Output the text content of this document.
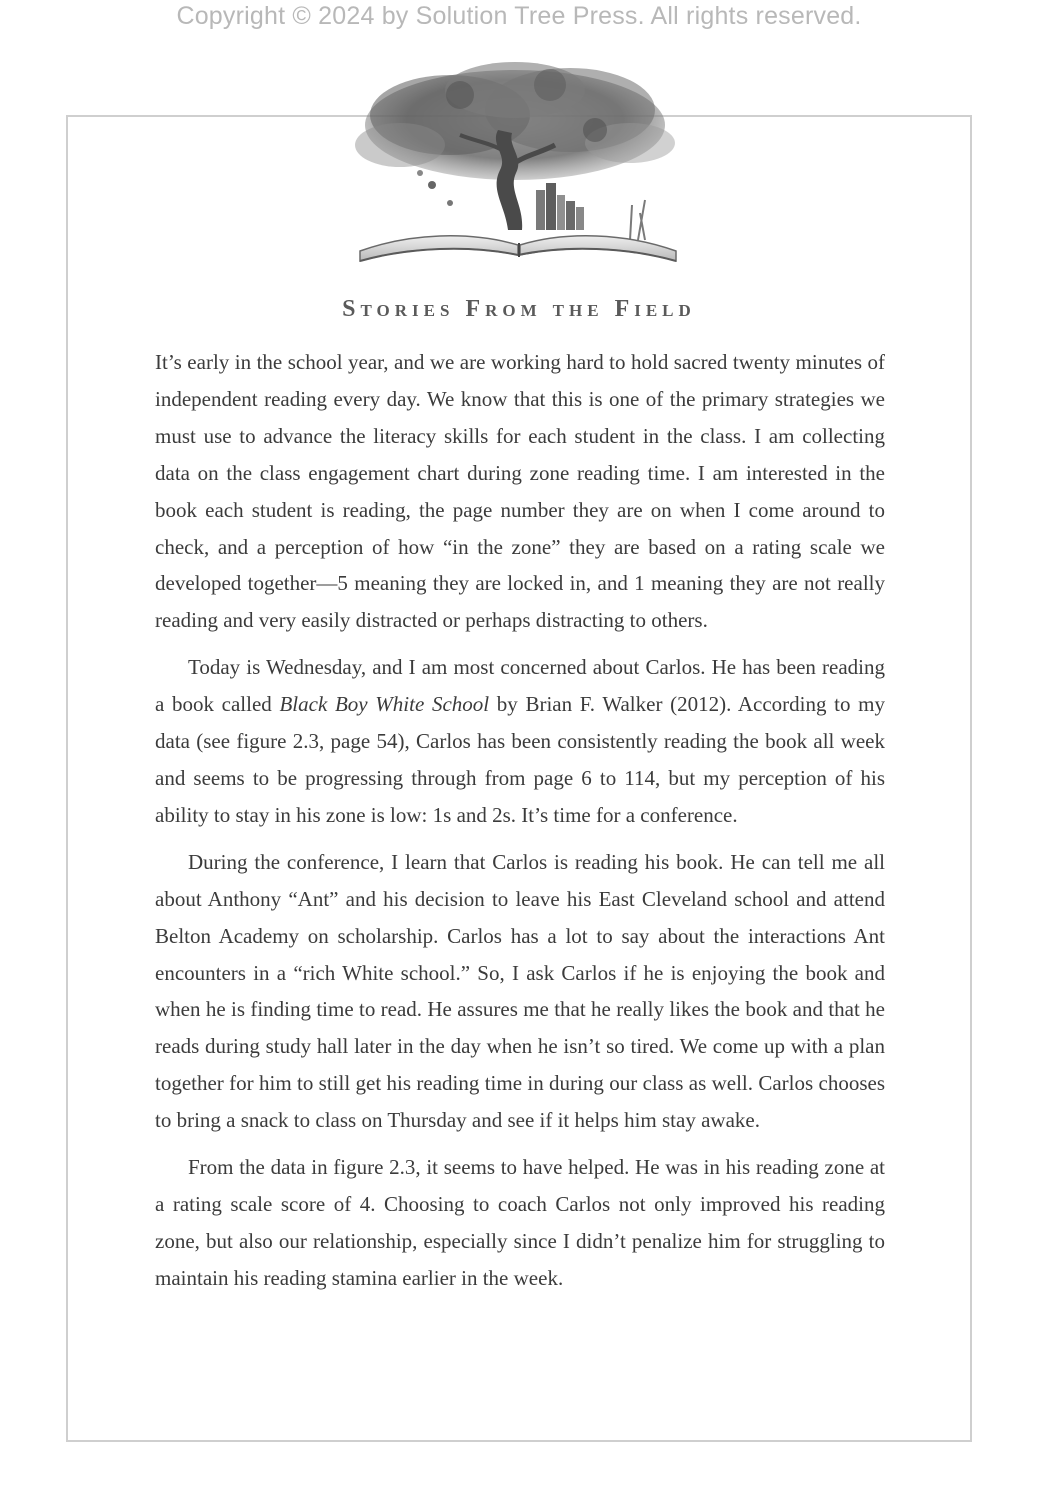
Copyright © 2024 by Solution Tree Press. All rights reserved.
Stories From the Field

It’s early in the school year, and we are working hard to hold sacred twenty minutes of independent reading every day. We know that this is one of the primary strategies we must use to advance the literacy skills for each student in the class. I am collecting data on the class engagement chart during zone reading time. I am interested in the book each student is reading, the page number they are on when I come around to check, and a perception of how “in the zone” they are based on a rating scale we developed together—5 meaning they are locked in, and 1 meaning they are not really reading and very easily distracted or perhaps distracting to others.

Today is Wednesday, and I am most concerned about Carlos. He has been reading a book called Black Boy White School by Brian F. Walker (2012). According to my data (see figure 2.3, page 54), Carlos has been consistently reading the book all week and seems to be progressing through from page 6 to 114, but my perception of his ability to stay in his zone is low: 1s and 2s. It’s time for a conference.

During the conference, I learn that Carlos is reading his book. He can tell me all about Anthony “Ant” and his decision to leave his East Cleveland school and attend Belton Academy on scholarship. Carlos has a lot to say about the interactions Ant encounters in a “rich White school.” So, I ask Carlos if he is enjoying the book and when he is finding time to read. He assures me that he really likes the book and that he reads during study hall later in the day when he isn’t so tired. We come up with a plan together for him to still get his reading time in during our class as well. Carlos chooses to bring a snack to class on Thursday and see if it helps him stay awake.

From the data in figure 2.3, it seems to have helped. He was in his reading zone at a rating scale score of 4. Choosing to coach Carlos not only improved his reading zone, but also our relationship, especially since I didn’t penalize him for struggling to maintain his reading stamina earlier in the week.
